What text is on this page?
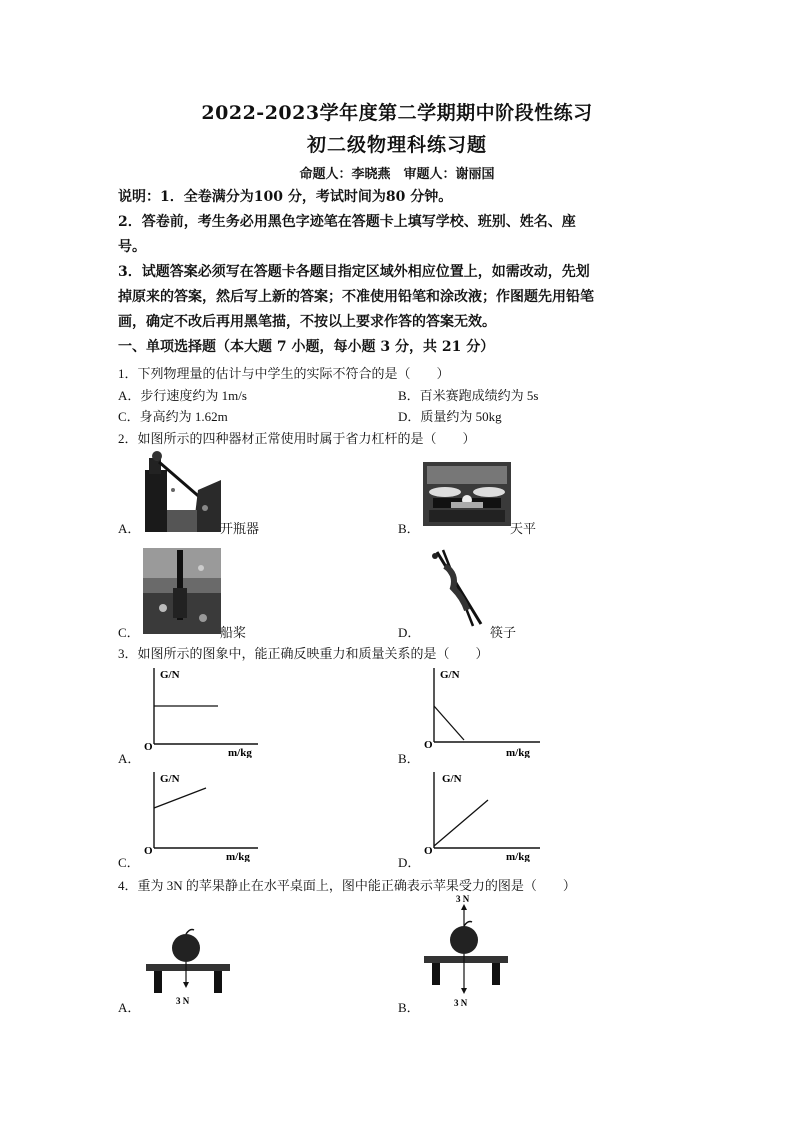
2022-2023学年度第二学期期中阶段性练习
初二级物理科练习题
命题人：李晓燕　审题人：谢丽国
说明：1．全卷满分为100 分，考试时间为80 分钟。
2．答卷前，考生务必用黑色字迹笔在答题卡上填写学校、班别、姓名、座
号。
3．试题答案必须写在答题卡各题目指定区域外相应位置上，如需改动，先划
掉原来的答案，然后写上新的答案；不准使用铅笔和涂改液；作图题先用铅笔
画，确定不改后再用黑笔描，不按以上要求作答的答案无效。
一、单项选择题（本大题 7 小题，每小题 3 分，共 21 分）
1．下列物理量的估计与中学生的实际不符合的是（　　）
A．步行速度约为 1m/s	B．百米赛跑成绩约为 5s
C．身高约为 1.62m	D．质量约为 50kg
2．如图所示的四种器材正常使用时属于省力杠杆的是（　　）
A．	开瓶器	B．	天平
C．	船桨	D．	筷子
3．如图所示的图象中，能正确反映重力和质量关系的是（　　）
G/N
O	m/kg
A．
G/N
O
m/kg
B．
G/N
O	m/kg
C．
G/N
O	m/kg
D．
4．重为 3N 的苹果静止在水平桌面上，图中能正确表示苹果受力的图是（　　）
3 N
A．
3 N
3 N
B．
